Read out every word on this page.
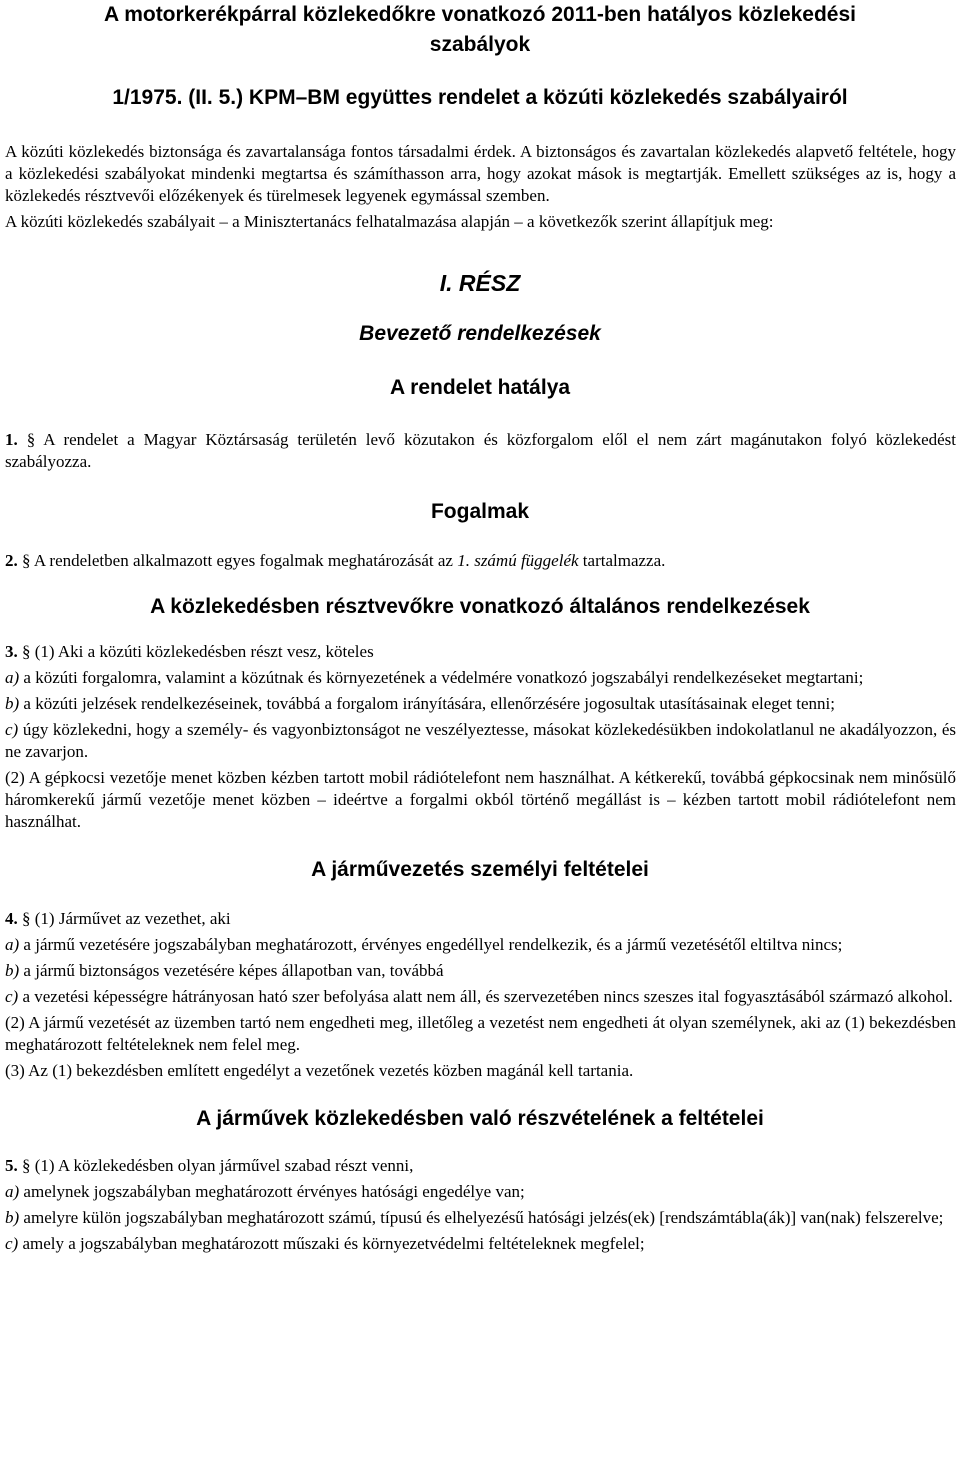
A motorkerékpárral közlekedőkre vonatkozó 2011-ben hatályos közlekedési
szabályok
1/1975. (II. 5.) KPM–BM együttes rendelet a közúti közlekedés szabályairól
A közúti közlekedés biztonsága és zavartalansága fontos társadalmi érdek. A biztonságos és zavartalan közlekedés alapvető feltétele, hogy a közlekedési szabályokat mindenki megtartsa és számíthasson arra, hogy azokat mások is megtartják. Emellett szükséges az is, hogy a közlekedés résztvevői előzékenyek és türelmesek legyenek egymással szemben.
A közúti közlekedés szabályait – a Minisztertanács felhatalmazása alapján – a következők szerint állapítjuk meg:
I. RÉSZ
Bevezető rendelkezések
A rendelet hatálya
1. § A rendelet a Magyar Köztársaság területén levő közutakon és közforgalom elől el nem zárt magánutakon folyó közlekedést szabályozza.
Fogalmak
2. § A rendeletben alkalmazott egyes fogalmak meghatározását az 1. számú függelék tartalmazza.
A közlekedésben résztvevőkre vonatkozó általános rendelkezések
3. § (1) Aki a közúti közlekedésben részt vesz, köteles
a) a közúti forgalomra, valamint a közútnak és környezetének a védelmére vonatkozó jogszabályi rendelkezéseket megtartani;
b) a közúti jelzések rendelkezéseinek, továbbá a forgalom irányítására, ellenőrzésére jogosultak utasításainak eleget tenni;
c) úgy közlekedni, hogy a személy- és vagyonbiztonságot ne veszélyeztesse, másokat közlekedésükben indokolatlanul ne akadályozzon, és ne zavarjon.
(2) A gépkocsi vezetője menet közben kézben tartott mobil rádiótelefont nem használhat. A kétkerekű, továbbá gépkocsinak nem minősülő háromkerekű jármű vezetője menet közben – ideértve a forgalmi okból történő megállást is – kézben tartott mobil rádiótelefont nem használhat.
A járművezetés személyi feltételei
4. § (1) Járművet az vezethet, aki
a) a jármű vezetésére jogszabályban meghatározott, érvényes engedéllyel rendelkezik, és a jármű vezetésétől eltiltva nincs;
b) a jármű biztonságos vezetésére képes állapotban van, továbbá
c) a vezetési képességre hátrányosan ható szer befolyása alatt nem áll, és szervezetében nincs szeszes ital fogyasztásából származó alkohol.
(2) A jármű vezetését az üzemben tartó nem engedheti meg, illetőleg a vezetést nem engedheti át olyan személynek, aki az (1) bekezdésben meghatározott feltételeknek nem felel meg.
(3) Az (1) bekezdésben említett engedélyt a vezetőnek vezetés közben magánál kell tartania.
A járművek közlekedésben való részvételének a feltételei
5. § (1) A közlekedésben olyan járművel szabad részt venni,
a) amelynek jogszabályban meghatározott érvényes hatósági engedélye van;
b) amelyre külön jogszabályban meghatározott számú, típusú és elhelyezésű hatósági jelzés(ek) [rendszámtábla(ák)] van(nak) felszerelve;
c) amely a jogszabályban meghatározott műszaki és környezetvédelmi feltételeknek megfelel;
